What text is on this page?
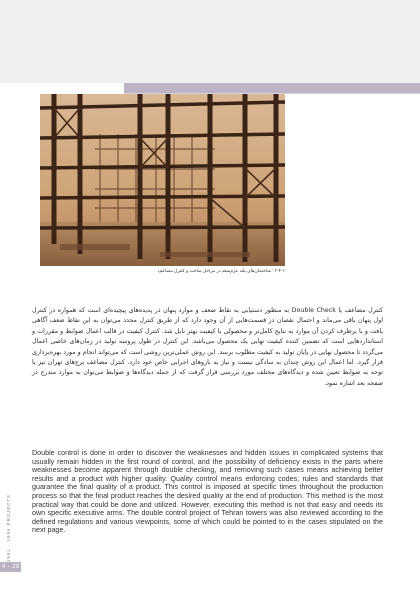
۲-۴-۱ : ساختمان‌های بلند عزم‌سعد در مراحل ساخت و کنترل مضاعف

کنترل مضاعف یا Double Check به منظور دستیابی به نقاط ضعف و موارد پنهان در پدیده‌های پیچیده‌ای است که همواره در کنترل اول پنهان باقی می‌ماند و احتمال نقصان در قسمت‌هایی از آن وجود دارد که از طریق کنترل مجدد می‌توان به این نقاط ضعف آگاهی یافت و با برطرف کردن آن موارد به نتایج کامل‌تر و محصولی با کیفیت بهتر نایل شد. کنترل کیفیت در قالب اعمال ضوابط و مقررات و استانداردهایی است که تضمین کننده کیفیت نهایی یک محصول می‌باشد. این کنترل در طول پروسه تولید در زمان‌های خاصی اعمال می‌گردد تا محصول نهایی در پایان تولید به کیفیت مطلوب برسد. این روش عملی‌ترین روشی است که می‌تواند انجام و مورد بهره‌برداری قرار گیرد. اما اعمال این روش چندان به سادگی نیست و نیاز به بازوهای اجرایی خاص خود دارد. کنترل مضاعف برج‌های تهران نیز با توجه به ضوابط تعیین شده و دیدگاه‌های مختلف مورد بررسی قرار گرفت که از جمله دیدگاه‌ها و ضوابط می‌توان به موارد مندرج در صفحه بعد اشاره نمود.

Double control is done in order to discover the weaknesses and hidden issues in complicated systems that usually remain hidden in the first round of control, and the possibility of deficiency exists in the parts where weaknesses become apparent through double checking, and removing such cases means achieving better results and a product with higher quality. Quality control means enforcing codes, rules and standards that guarantee the final quality of a product. This control is imposed at specific times throughout the production process so that the final product reaches the desired quality at the end of production. This method is the most practical way that could be done and utilized. However, executing this method is not that easy and needs its own specific executive arms. The double control project of Tehran towers was also reviewed according to the defined regulations and various viewpoints, some of which could be pointed to in the cases stipulated on the next page.

1991 · 1996 PROJECTS
4 - 28
